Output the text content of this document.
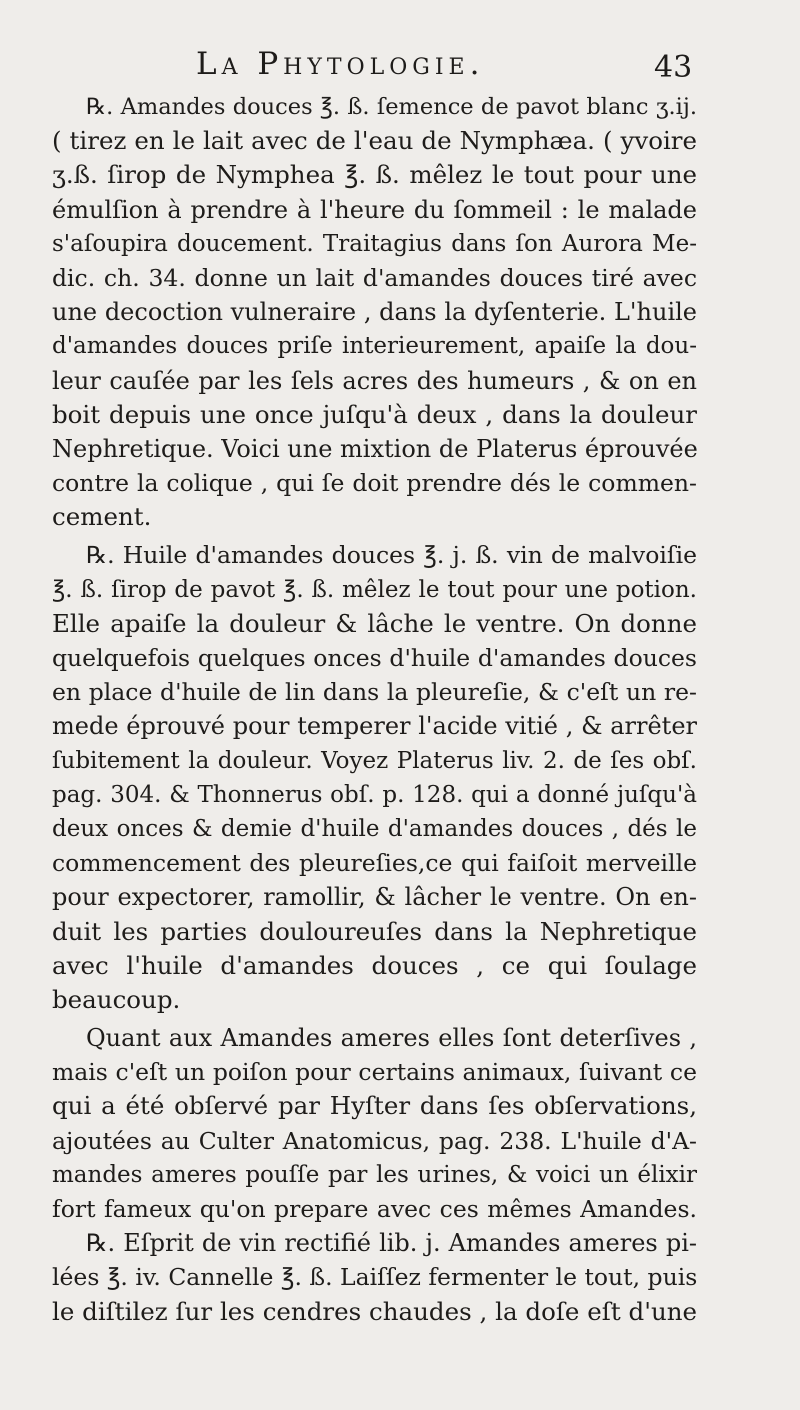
La Phytologie.	43
℞. Amandes douces ℥. ß. ſemence de pavot blanc ʒ.ij.
( tirez en le lait avec de l'eau de Nymphæa. ( yvoire
ʒ.ß. ſirop de Nymphea ℥. ß. mêlez le tout pour une
émulſion à prendre à l'heure du ſommeil : le malade
s'aſoupira doucement. Traitagius dans ſon Aurora Me-
dic. ch. 34. donne un lait d'amandes douces tiré avec
une decoction vulneraire , dans la dyſenterie. L'huile
d'amandes douces priſe interieurement, apaiſe la dou-
leur cauſée par les ſels acres des humeurs , & on en
boit depuis une once juſqu'à deux , dans la douleur
Nephretique. Voici une mixtion de Platerus éprouvée
contre la colique , qui ſe doit prendre dés le commen-
cement.
℞. Huile d'amandes douces ℥. j. ß. vin de malvoiſie
℥. ß. ſirop de pavot ℥. ß. mêlez le tout pour une potion.
Elle apaiſe la douleur & lâche le ventre. On donne
quelquefois quelques onces d'huile d'amandes douces
en place d'huile de lin dans la pleureſie, & c'eſt un re-
mede éprouvé pour temperer l'acide vitié , & arrêter
ſubitement la douleur. Voyez Platerus liv. 2. de ſes obſ.
pag. 304. & Thonnerus obſ. p. 128. qui a donné juſqu'à
deux onces & demie d'huile d'amandes douces , dés le
commencement des pleureſies,ce qui faiſoit merveille
pour expectorer, ramollir, & lâcher le ventre. On en-
duit les parties douloureuſes dans la Nephretique
avec l'huile d'amandes douces , ce qui ſoulage
beaucoup.
Quant aux Amandes ameres elles ſont deterſives ,
mais c'eſt un poiſon pour certains animaux, ſuivant ce
qui a été obſervé par Hyſter dans ſes obſervations,
ajoutées au Culter Anatomicus, pag. 238. L'huile d'A-
mandes ameres pouſſe par les urines, & voici un élixir
fort fameux qu'on prepare avec ces mêmes Amandes.
℞. Eſprit de vin rectifié lib. j. Amandes ameres pi-
lées ℥. iv. Cannelle ℥. ß. Laiſſez fermenter le tout, puis
le diſtilez ſur les cendres chaudes , la doſe eſt d'une
